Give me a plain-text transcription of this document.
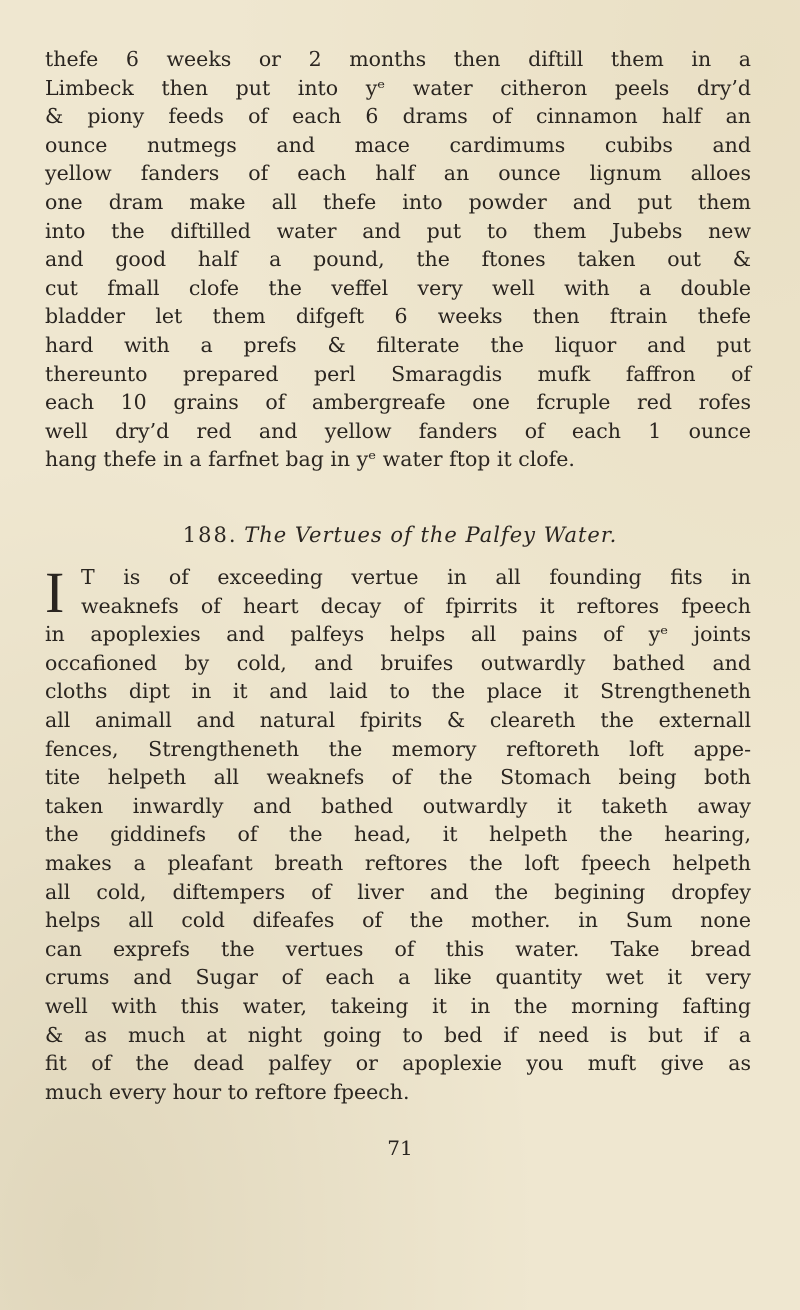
thefe 6 weeks or 2 months then diftill them in a
Limbeck then put into yᵉ water citheron peels dry’d
& piony feeds of each 6 drams of cinnamon half an
ounce nutmegs and mace cardimums cubibs and
yellow fanders of each half an ounce lignum alloes
one dram make all thefe into powder and put them
into the diftilled water and put to them Jubebs new
and good half a pound, the ftones taken out &
cut fmall clofe the veffel very well with a double
bladder let them difgeft 6 weeks then ftrain thefe
hard with a prefs & filterate the liquor and put
thereunto prepared perl Smaragdis mufk faffron of
each 10 grains of ambergreafe one fcruple red rofes
well dry’d red and yellow fanders of each 1 ounce
hang thefe in a farfnet bag in yᵉ water ftop it clofe.
188. The Vertues of the Palfey Water.
I T is of exceeding vertue in all founding fits in
weaknefs of heart decay of fpirrits it reftores fpeech
in apoplexies and palfeys helps all pains of yᵉ joints
occafioned by cold, and bruifes outwardly bathed and
cloths dipt in it and laid to the place it Strengtheneth
all animall and natural fpirits & cleareth the externall
fences, Strengtheneth the memory reftoreth loft appe-
tite helpeth all weaknefs of the Stomach being both
taken inwardly and bathed outwardly it taketh away
the giddinefs of the head, it helpeth the hearing,
makes a pleafant breath reftores the loft fpeech helpeth
all cold, diftempers of liver and the begining dropfey
helps all cold difeafes of the mother. in Sum none
can exprefs the vertues of this water. Take bread
crums and Sugar of each a like quantity wet it very
well with this water, takeing it in the morning fafting
& as much at night going to bed if need is but if a
fit of the dead palfey or apoplexie you muft give as
much every hour to reftore fpeech.
71
